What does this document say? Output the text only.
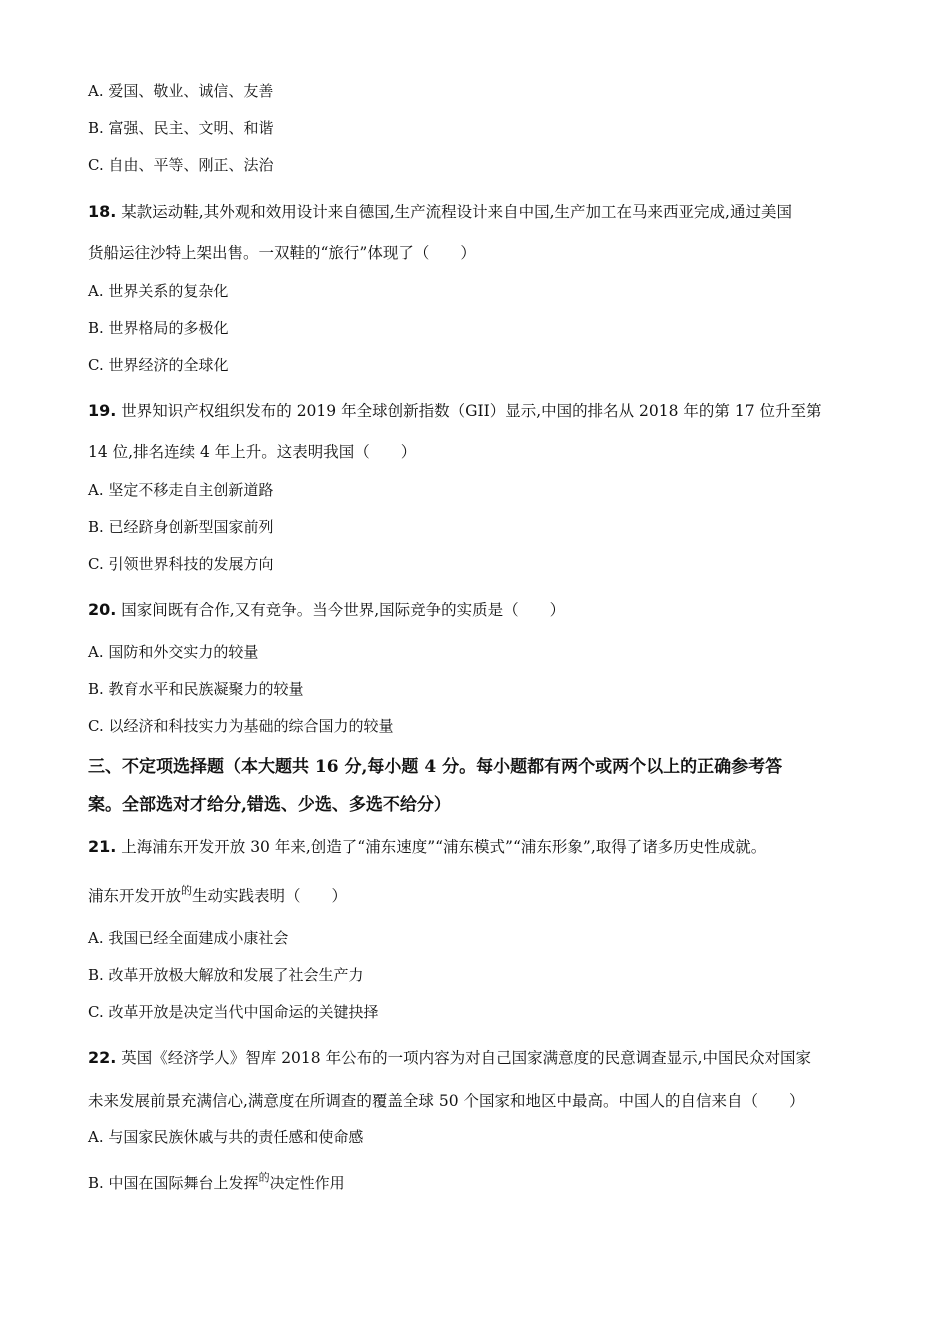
A. 爱国、敬业、诚信、友善
B. 富强、民主、文明、和谐
C. 自由、平等、刚正、法治
18. 某款运动鞋,其外观和效用设计来自德国,生产流程设计来自中国,生产加工在马来西亚完成,通过美国
货船运往沙特上架出售。一双鞋的“旅行”体现了（　　）
A. 世界关系的复杂化
B. 世界格局的多极化
C. 世界经济的全球化
19. 世界知识产权组织发布的 2019 年全球创新指数（GII）显示,中国的排名从 2018 年的第 17 位升至第
14 位,排名连续 4 年上升。这表明我国（　　）
A. 坚定不移走自主创新道路
B. 已经跻身创新型国家前列
C. 引领世界科技的发展方向
20. 国家间既有合作,又有竞争。当今世界,国际竞争的实质是（　　）
A. 国防和外交实力的较量
B. 教育水平和民族凝聚力的较量
C. 以经济和科技实力为基础的综合国力的较量
三、不定项选择题（本大题共 16 分,每小题 4 分。每小题都有两个或两个以上的正确参考答
案。全部选对才给分,错选、少选、多选不给分）
21. 上海浦东开发开放 30 年来,创造了“浦东速度”“浦东模式”“浦东形象”,取得了诸多历史性成就。
浦东开发开放$^的$生动实践表明（　　）
A. 我国已经全面建成小康社会
B. 改革开放极大解放和发展了社会生产力
C. 改革开放是决定当代中国命运的关键抉择
22. 英国《经济学人》智库 2018 年公布的一项内容为对自己国家满意度的民意调查显示,中国民众对国家
未来发展前景充满信心,满意度在所调查的覆盖全球 50 个国家和地区中最高。中国人的自信来自（　　）
A. 与国家民族休戚与共的责任感和使命感
B. 中国在国际舞台上发挥$^的$决定性作用
